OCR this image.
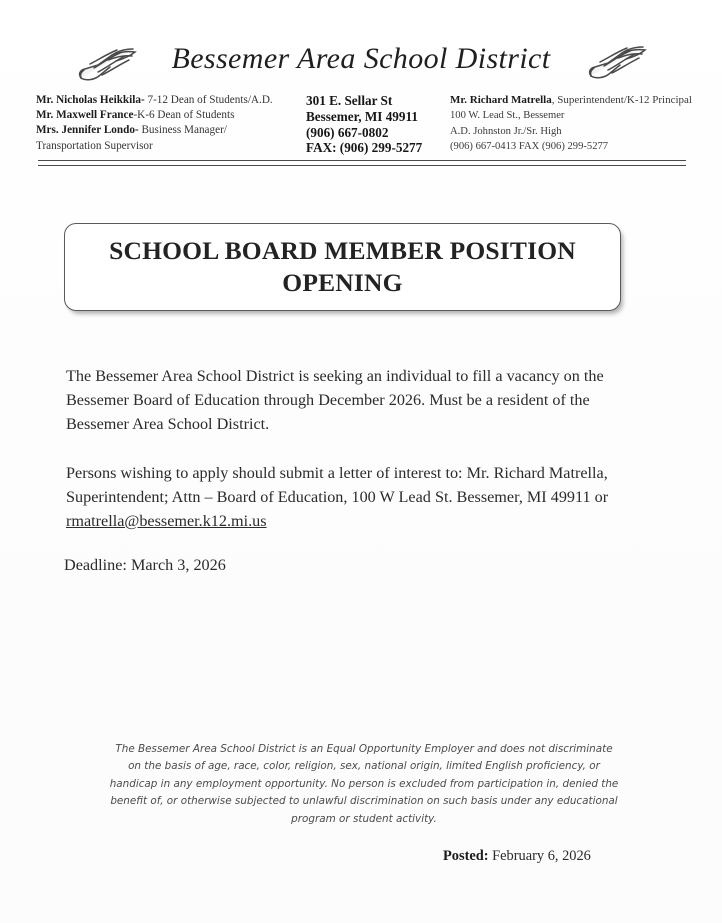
Bessemer Area School District
Mr. Nicholas Heikkila- 7-12 Dean of Students/A.D.
Mr. Maxwell France-K-6 Dean of Students
Mrs. Jennifer Londo- Business Manager/
Transportation Supervisor
301 E. Sellar St
Bessemer, MI 49911
(906) 667-0802
FAX: (906) 299-5277
Mr. Richard Matrella, Superintendent/K-12 Principal
100 W. Lead St., Bessemer
A.D. Johnston Jr./Sr. High
(906) 667-0413 FAX (906) 299-5277
SCHOOL BOARD MEMBER POSITION OPENING

The Bessemer Area School District is seeking an individual to fill a vacancy on the Bessemer Board of Education through December 2026. Must be a resident of the Bessemer Area School District.

Persons wishing to apply should submit a letter of interest to: Mr. Richard Matrella, Superintendent; Attn – Board of Education, 100 W Lead St. Bessemer, MI 49911 or rmatrella@bessemer.k12.mi.us

Deadline: March 3, 2026
The Bessemer Area School District is an Equal Opportunity Employer and does not discriminate on the basis of age, race, color, religion, sex, national origin, limited English proficiency, or handicap in any employment opportunity. No person is excluded from participation in, denied the benefit of, or otherwise subjected to unlawful discrimination on such basis under any educational program or student activity.
Posted: February 6, 2026
